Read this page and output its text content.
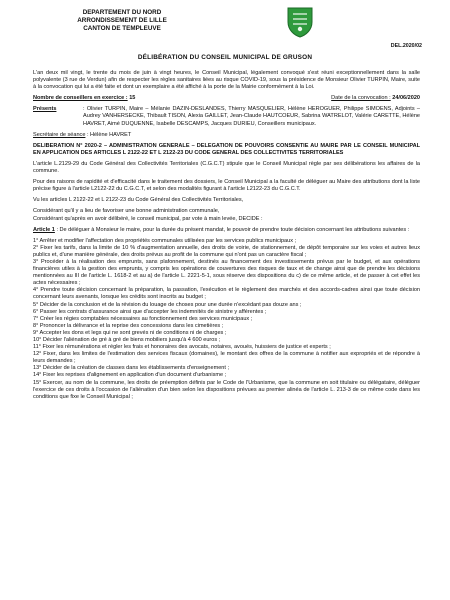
DEPARTEMENT DU NORD
ARRONDISSEMENT DE LILLE
CANTON DE TEMPLEUVE
DEL.2020/02
DÉLIBÉRATION DU CONSEIL MUNICIPAL DE GRUSON

L'an deux mil vingt, le trente du mois de juin à vingt heures, le Conseil Municipal, légalement convoqué s'est réuni exceptionnellement dans la salle polyvalente (3 rue de Verdun) afin de respecter les règles sanitaires liées au risque COVID-19, sous la présidence de Monsieur Olivier TURPIN, Maire, suite à la convocation qui lui a été faite et dont un exemplaire a été affiché à la porte de la Mairie conformément à la Loi.

Nombre de conseillers en exercice : 15	Date de la convocation : 24/06/2020

Présents	: Olivier TURPIN, Maire – Mélanie DAZIN-DESLANDES, Thierry MASQUELIER, Hélène HEROGUER, Philippe SIMOENS, Adjoints – Audrey VANHERSECKE, Thibault TISON, Alexia GAILLET, Jean-Claude HAUTCOEUR, Sabrina WATRELOT, Valérie CARETTE, Hélène HAVRET, Aimé DUQUENNE, Isabelle DESCAMPS, Jacques DURIEU, Conseillers municipaux.

Secrétaire de séance : Hélène HAVRET

DELIBERATION N° 2020-2 – ADMINISTRATION GENERALE – DELEGATION DE POUVOIRS CONSENTIE AU MAIRE PAR LE CONSEIL MUNICIPAL EN APPLICATION DES ARTICLES L 2122-22 ET L 2122-23 DU CODE GENERAL DES COLLECTIVITES TERRITORIALES

L'article L.2129-29 du Code Général des Collectivités Territoriales (C.G.C.T) stipule que le Conseil Municipal règle par ses délibérations les affaires de la commune.

Pour des raisons de rapidité et d'efficacité dans le traitement des dossiers, le Conseil Municipal a la faculté de déléguer au Maire des attributions dont la liste précise figure à l'article L2122-22 du C.G.C.T, et selon des modalités figurant à l'article L2122-23 du C.G.C.T.

Vu les articles L 2122-22 et L 2122-23 du Code Général des Collectivités Territoriales,

Considérant qu'il y a lieu de favoriser une bonne administration communale,
Considérant qu'après en avoir délibéré, le conseil municipal, par vote à main levée, DECIDE :

Article 1 : De déléguer à Monsieur le maire, pour la durée du présent mandat, le pouvoir de prendre toute décision concernant les attributions suivantes :

1° Arrêter et modifier l'affectation des propriétés communales utilisées par les services publics municipaux ;

2° Fixer les tarifs, dans la limite de 10 % d'augmentation annuelle, des droits de voirie, de stationnement, de dépôt temporaire sur les voies et autres lieux publics et, d'une manière générale, des droits prévus au profit de la commune qui n'ont pas un caractère fiscal ;

3° Procéder à la réalisation des emprunts, sans plafonnement, destinés au financement des investissements prévus par le budget, et aux opérations financières utiles à la gestion des emprunts, y compris les opérations de couvertures des risques de taux et de change ainsi que de prendre les décisions mentionnées au III de l'article L. 1618-2 et au a) de l'article L. 2221-5-1, sous réserve des dispositions du c) de ce même article, et de passer à cet effet les actes nécessaires ;

4° Prendre toute décision concernant la préparation, la passation, l'exécution et le règlement des marchés et des accords-cadres ainsi que toute décision concernant leurs avenants, lorsque les crédits sont inscrits au budget ;

5° Décider de la conclusion et de la révision du louage de choses pour une durée n'excédant pas douze ans ;

6° Passer les contrats d'assurance ainsi que d'accepter les indemnités de sinistre y afférentes ;

7° Créer les régies comptables nécessaires au fonctionnement des services municipaux ;

8° Prononcer la délivrance et la reprise des concessions dans les cimetières ;

9° Accepter les dons et legs qui ne sont grevés ni de conditions ni de charges ;

10° Décider l'aliénation de gré à gré de biens mobiliers jusqu'à 4 600 euros ;

11° Fixer les rémunérations et régler les frais et honoraires des avocats, notaires, avoués, huissiers de justice et experts ;

12° Fixer, dans les limites de l'estimation des services fiscaux (domaines), le montant des offres de la commune à notifier aux expropriés et de répondre à leurs demandes ;

13° Décider de la création de classes dans les établissements d'enseignement ;

14° Fixer les reprises d'alignement en application d'un document d'urbanisme ;

15° Exercer, au nom de la commune, les droits de préemption définis par le Code de l'Urbanisme, que la commune en soit titulaire ou délégataire, déléguer l'exercice de ces droits à l'occasion de l'aliénation d'un bien selon les dispositions prévues au premier alinéa de l'article L. 213-3 de ce même code dans les conditions que fixe le Conseil Municipal ;
